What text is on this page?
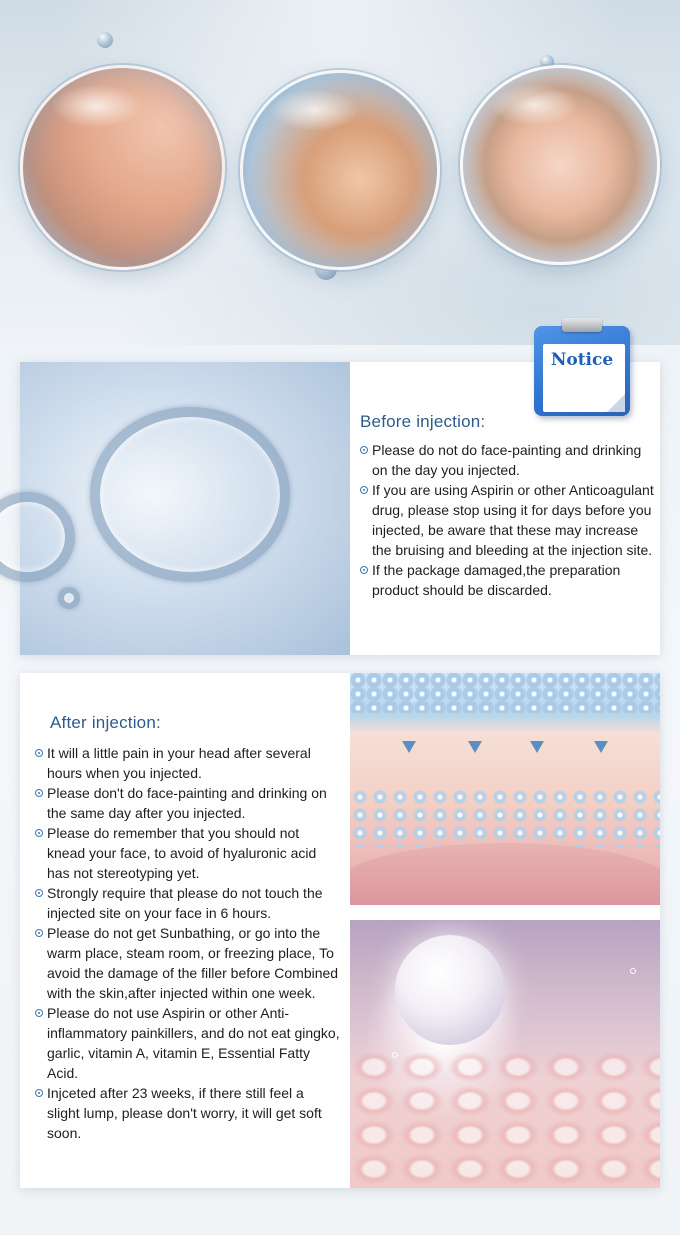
Before injection:
Please do not do face-painting and drinking on the day you injected.
If you are using Aspirin or other Anticoagulant drug, please stop using it for days before you injected, be aware that these may increase the bruising and bleeding at the injection site.
If the package damaged,the preparation product should be discarded.
Notice
After injection:
It will a little pain in your head after several hours when you injected.
Please don't do face-painting and drinking on the same day after you injected.
Please do remember that you should not knead your face, to avoid of hyaluronic acid has not stereotyping yet.
Strongly require that please do not touch the injected site on your face in 6 hours.
Please do not get Sunbathing, or go into the warm place, steam room, or freezing place, To avoid the damage of the filler before Combined with the skin,after injected within one week.
Please do not use Aspirin or other Anti-inflammatory painkillers, and do not eat gingko, garlic, vitamin A, vitamin E, Essential Fatty Acid.
Injceted after 23 weeks, if there still feel a slight lump, please don't worry, it will get soft soon.
